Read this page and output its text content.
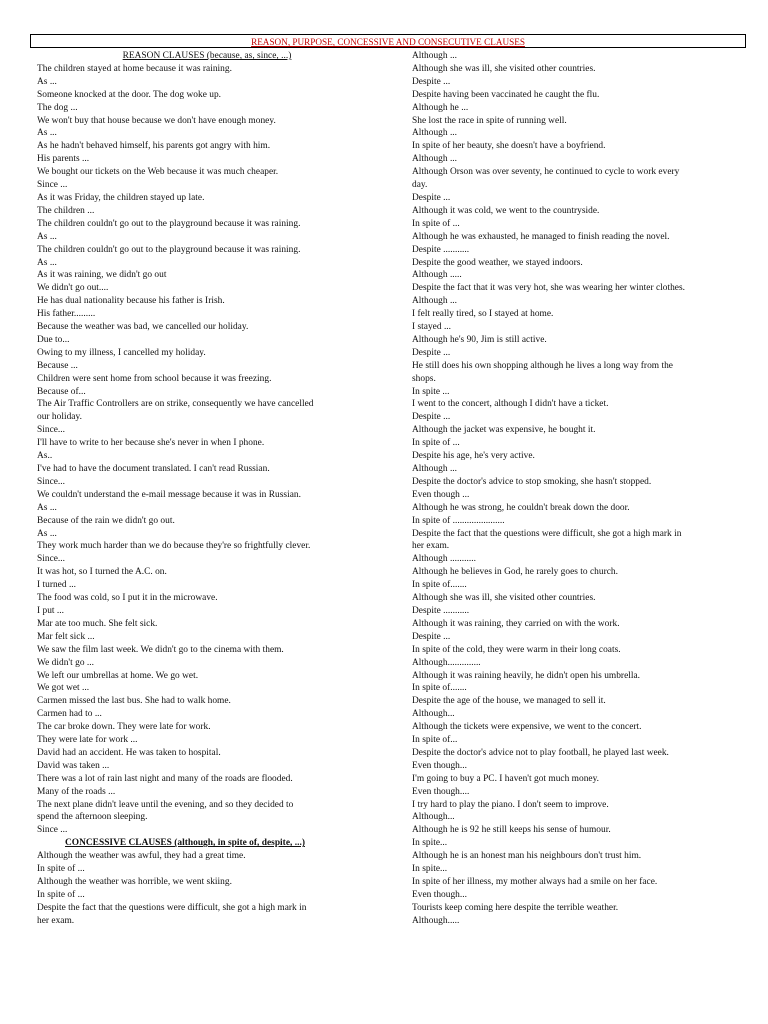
REASON, PURPOSE, CONCESSIVE AND CONSECUTIVE CLAUSES
REASON CLAUSES (because, as, since, ...)
The children stayed at home because it was raining.
As ...
Someone knocked at the door. The dog woke up.
The dog ...
We won't buy that house because we don't have enough money.
As ...
As he hadn't behaved himself, his parents got angry with him.
His parents ...
We bought our tickets on the Web because it was much cheaper.
Since ...
As it was Friday, the children stayed up late.
The children ...
The children couldn't go out to the playground because it was raining.
As ...
The children couldn't go out to the playground because it was raining.
As ...
As it was raining, we didn't go out
We didn't go out....
He has dual nationality because his father is Irish.
His father.........
Because the weather was bad, we cancelled our holiday.
Due to...
Owing to my illness, I cancelled my holiday.
Because ...
Children were sent home from school because it was freezing.
Because of...
The Air Traffic Controllers are on strike, consequently we have cancelled
our holiday.
Since...
I'll have to write to her because she's never in when I phone.
As..
I've had to have the document translated. I can't read Russian.
Since...
We couldn't understand the e-mail message because it was in Russian.
As ...
Because of the rain we didn't go out.
As ...
They work much harder than we do because they're so frightfully clever.
Since...
It was hot, so I turned the A.C. on.
I turned ...
The food was cold, so I put it in the microwave.
I put ...
Mar ate too much. She felt sick.
Mar felt sick ...
We saw the film last week. We didn't go to the cinema with them.
We didn't go ...
We left our umbrellas at home. We go wet.
We got wet ...
Carmen missed the last bus. She had to walk home.
Carmen had to ...
The car broke down. They were late for work.
They were late for work ...
David had an accident. He was taken to hospital.
David was taken ...
There was a lot of rain last night and many of the roads are flooded.
Many of the roads ...
The next plane didn't leave until the evening, and so they decided to
spend the afternoon sleeping.
Since ...
CONCESSIVE CLAUSES (although, in spite of, despite, ...)
Although the weather was awful, they had a great time.
In spite of ...
Although the weather was horrible, we went skiing.
In spite of ...
Despite the fact that the questions were difficult, she got a high mark in
her exam.
Although ...
Although she was ill, she visited other countries.
Despite ...
Despite having been vaccinated he caught the flu.
Although he ...
She lost the race in spite of running well.
Although ...
In spite of her beauty, she doesn't have a boyfriend.
Although ...
Although Orson was over seventy, he continued to cycle to work every
day.
Despite ...
Although it was cold, we went to the countryside.
In spite of ...
Although he was exhausted, he managed to finish reading the novel.
Despite ...........
Despite the good weather, we stayed indoors.
Although .....
Despite the fact that it was very hot, she was wearing her winter clothes.
Although ...
I felt really tired, so I stayed at home.
I stayed ...
Although he's 90, Jim is still active.
Despite ...
He still does his own shopping although he lives a long way from the
shops.
In spite ...
I went to the concert, although I didn't have a ticket.
Despite ...
Although the jacket was expensive, he bought it.
In spite of ...
Despite his age, he's very active.
Although ...
Despite the doctor's advice to stop smoking, she hasn't stopped.
Even though ...
Although he was strong, he couldn't break down the door.
In spite of ......................
Despite the fact that the questions were difficult, she got a high mark in
her exam.
Although ...........
Although he believes in God, he rarely goes to church.
In spite of.......
Although she was ill, she visited other countries.
Despite ...........
Although it was raining, they carried on with the work.
Despite ...
In spite of the cold, they were warm in their long coats.
Although..............
Although it was raining heavily, he didn't open his umbrella.
In spite of.......
Despite the age of the house, we managed to sell it.
Although...
Although the tickets were expensive, we went to the concert.
In spite of...
Despite the doctor's advice not to play football, he played last week.
Even though...
I'm going to buy a PC. I haven't got much money.
Even though....
I try hard to play the piano. I don't seem to improve.
Although...
Although he is 92 he still keeps his sense of humour.
In spite...
Although he is an honest man his neighbours don't trust him.
In spite...
In spite of her illness, my mother always had a smile on her face.
Even though...
Tourists keep coming here despite the terrible weather.
Although.....
